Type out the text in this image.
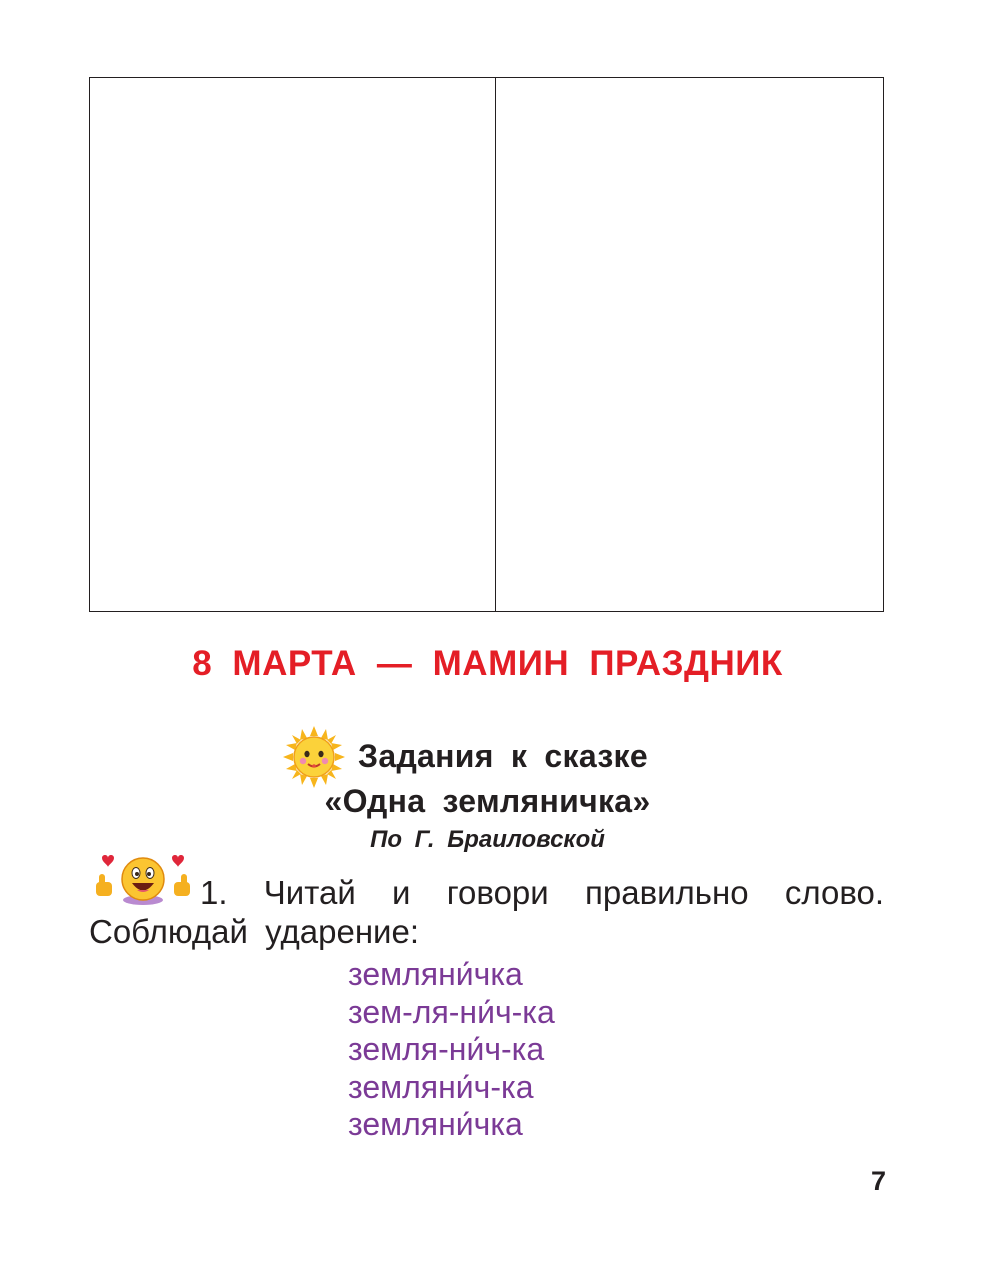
8 МАРТА — МАМИН ПРАЗДНИК
Задания к сказке
«Одна земляничка»
По Г. Браиловской
1. Читай и говори правильно слово.
Соблюдай ударение:
земляни́чка
зем-ля-ни́ч-ка
земля-ни́ч-ка
земляни́ч-ка
земляни́чка
7
